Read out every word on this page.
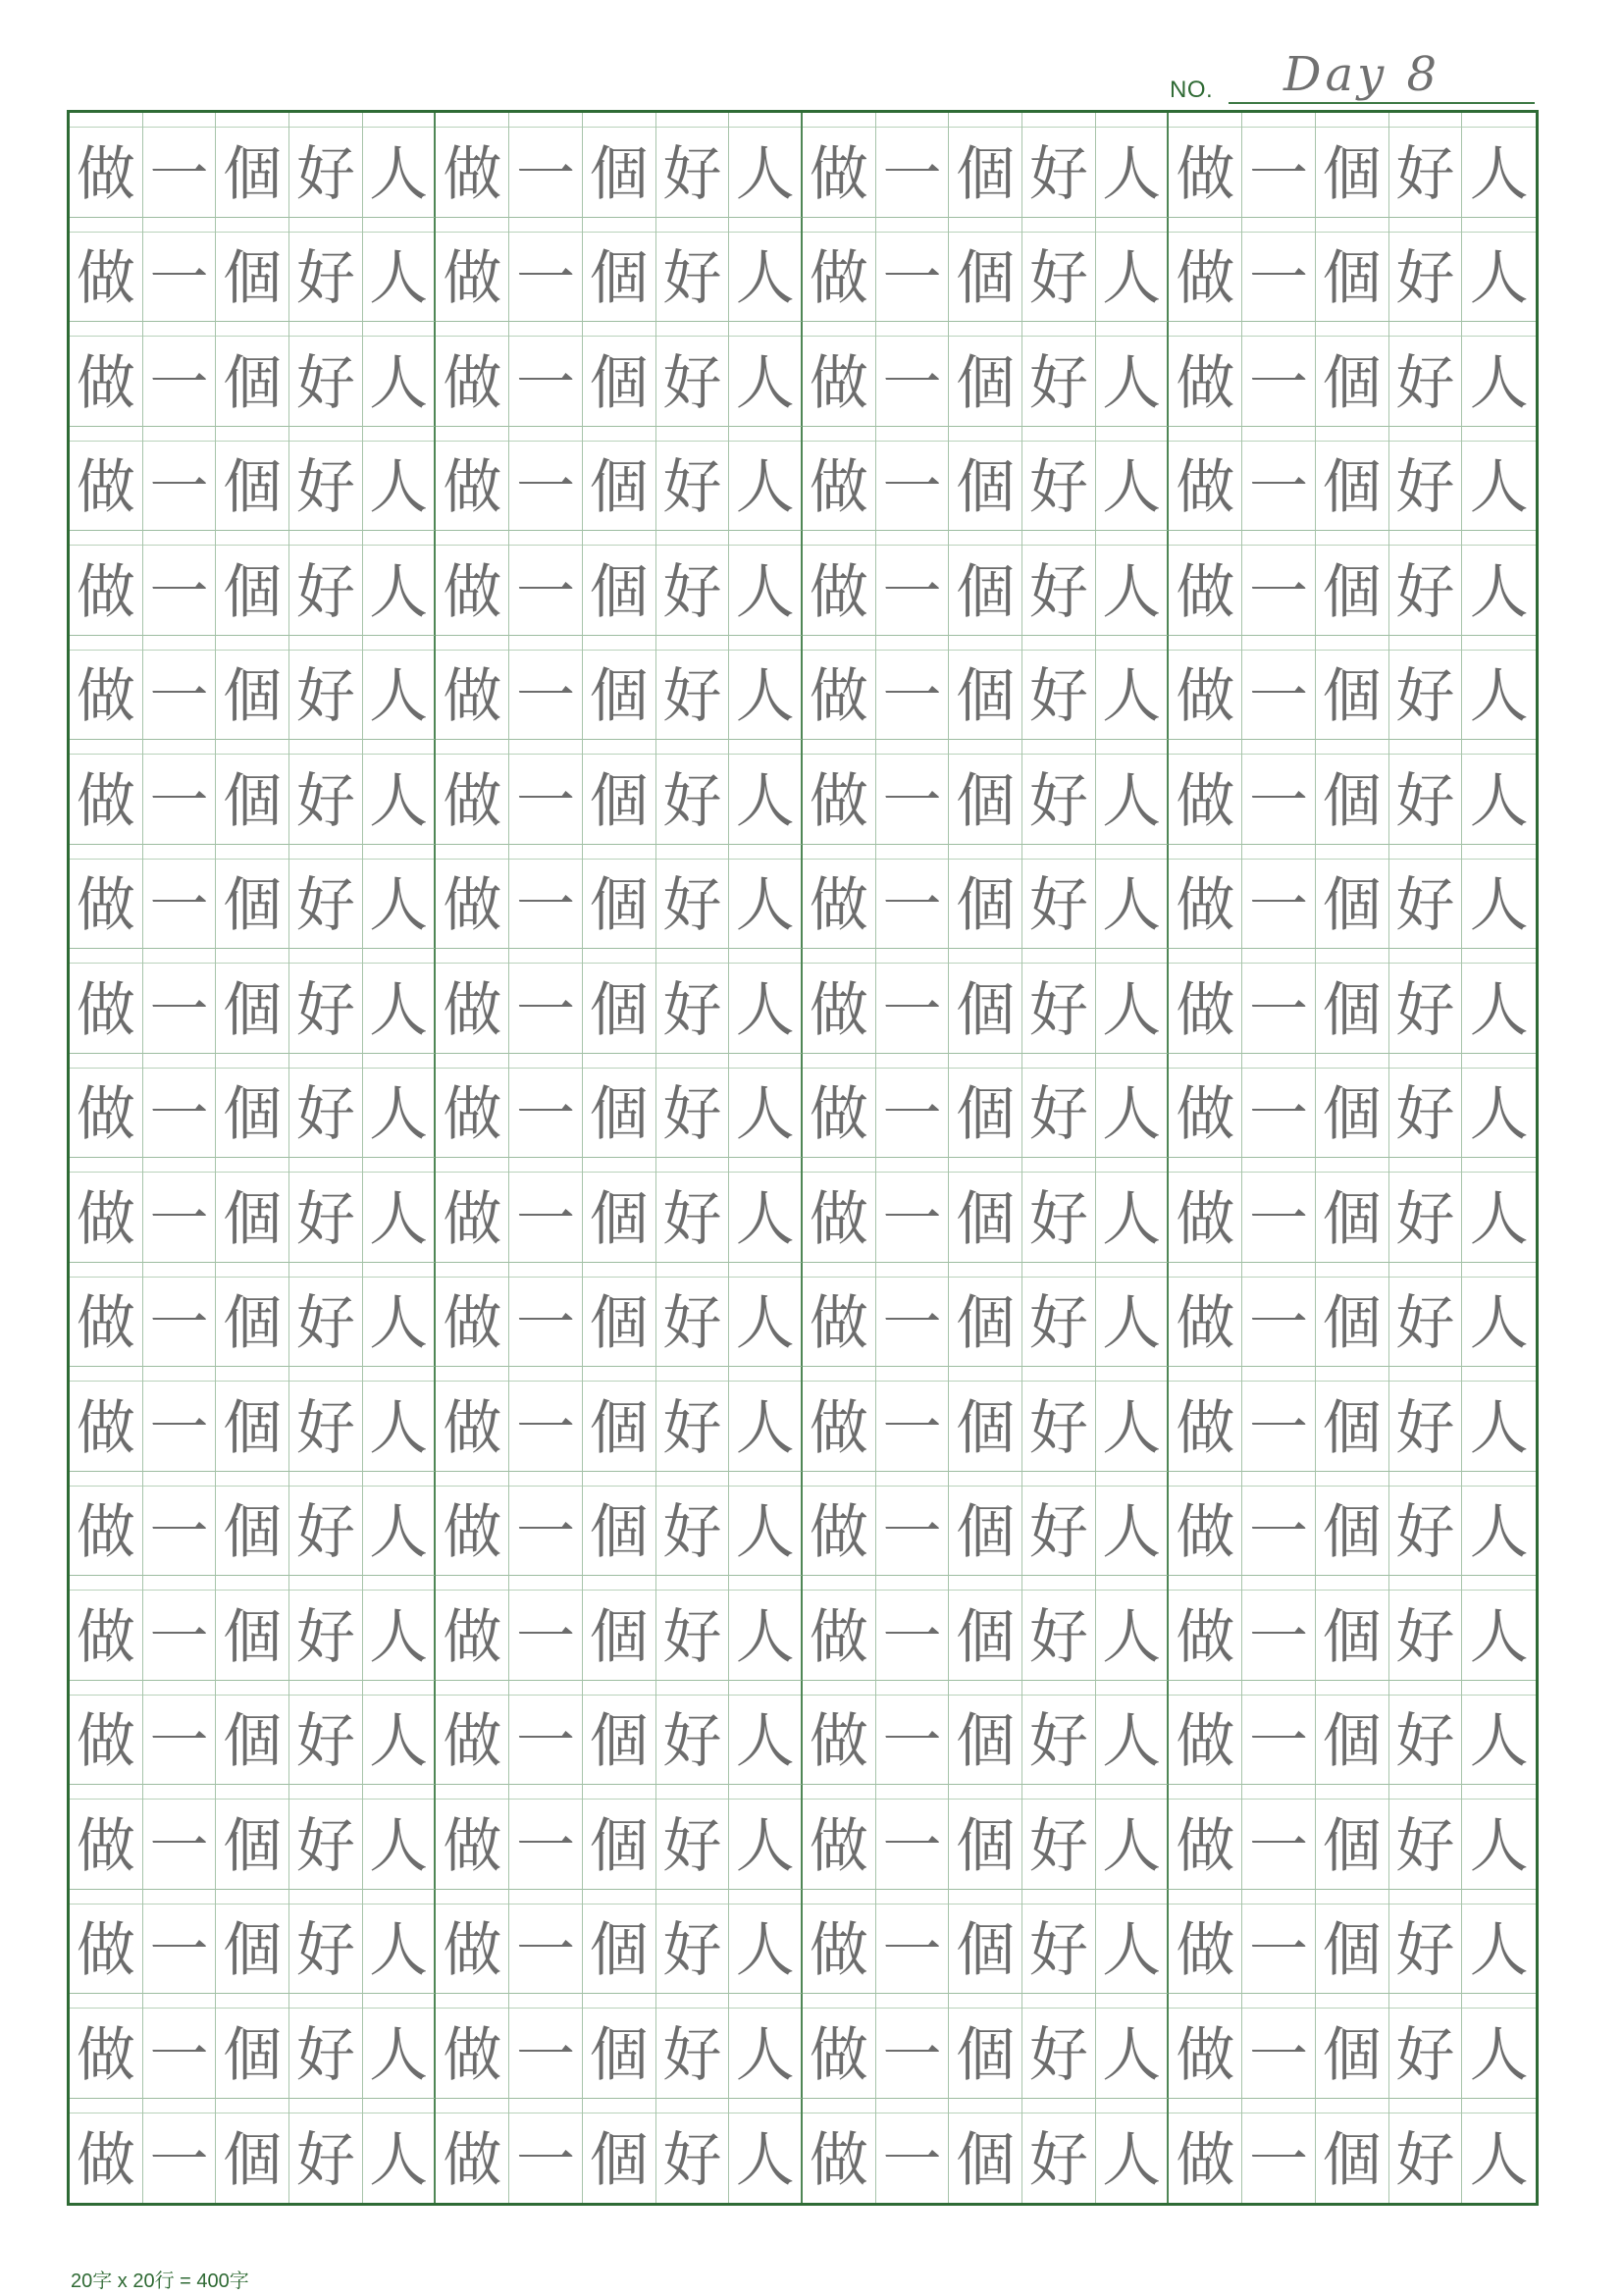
NO. Day 8
做 一 個 好 人 做 一 個 好 人 做 一 個 好 人 做 一 個 好 人
做 一 個 好 人 做 一 個 好 人 做 一 個 好 人 做 一 個 好 人
做 一 個 好 人 做 一 個 好 人 做 一 個 好 人 做 一 個 好 人
做 一 個 好 人 做 一 個 好 人 做 一 個 好 人 做 一 個 好 人
做 一 個 好 人 做 一 個 好 人 做 一 個 好 人 做 一 個 好 人
做 一 個 好 人 做 一 個 好 人 做 一 個 好 人 做 一 個 好 人
做 一 個 好 人 做 一 個 好 人 做 一 個 好 人 做 一 個 好 人
做 一 個 好 人 做 一 個 好 人 做 一 個 好 人 做 一 個 好 人
做 一 個 好 人 做 一 個 好 人 做 一 個 好 人 做 一 個 好 人
做 一 個 好 人 做 一 個 好 人 做 一 個 好 人 做 一 個 好 人
做 一 個 好 人 做 一 個 好 人 做 一 個 好 人 做 一 個 好 人
做 一 個 好 人 做 一 個 好 人 做 一 個 好 人 做 一 個 好 人
做 一 個 好 人 做 一 個 好 人 做 一 個 好 人 做 一 個 好 人
做 一 個 好 人 做 一 個 好 人 做 一 個 好 人 做 一 個 好 人
做 一 個 好 人 做 一 個 好 人 做 一 個 好 人 做 一 個 好 人
做 一 個 好 人 做 一 個 好 人 做 一 個 好 人 做 一 個 好 人
做 一 個 好 人 做 一 個 好 人 做 一 個 好 人 做 一 個 好 人
做 一 個 好 人 做 一 個 好 人 做 一 個 好 人 做 一 個 好 人
做 一 個 好 人 做 一 個 好 人 做 一 個 好 人 做 一 個 好 人
做 一 個 好 人 做 一 個 好 人 做 一 個 好 人 做 一 個 好 人
20字 x 20行 = 400字
